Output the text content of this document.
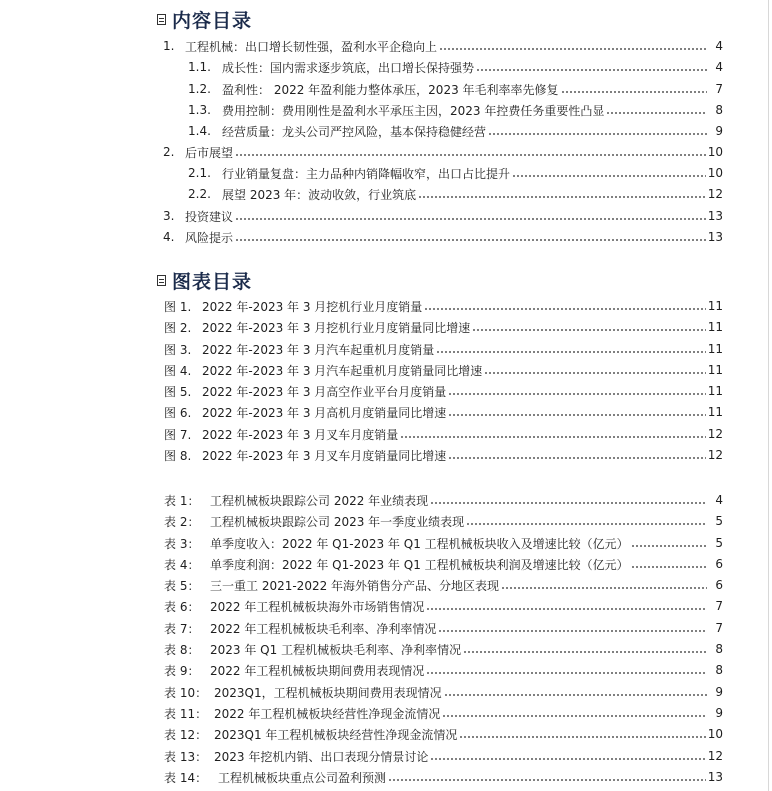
内容目录
1. 工程机械：出口增长韧性强，盈利水平企稳向上	4
1.1. 成长性：国内需求逐步筑底，出口增长保持强势	4
1.2. 盈利性： 2022 年盈利能力整体承压，2023 年毛利率率先修复	7
1.3. 费用控制：费用刚性是盈利水平承压主因，2023 年控费任务重要性凸显	8
1.4. 经营质量：龙头公司严控风险，基本保持稳健经营	9
2. 后市展望	10
2.1. 行业销量复盘：主力品种内销降幅收窄，出口占比提升	10
2.2. 展望 2023 年：波动收敛，行业筑底	12
3. 投资建议	13
4. 风险提示	13
图表目录
图 1. 2022 年-2023 年 3 月挖机行业月度销量	11
图 2. 2022 年-2023 年 3 月挖机行业月度销量同比增速	11
图 3. 2022 年-2023 年 3 月汽车起重机月度销量	11
图 4. 2022 年-2023 年 3 月汽车起重机月度销量同比增速	11
图 5. 2022 年-2023 年 3 月高空作业平台月度销量	11
图 6. 2022 年-2023 年 3 月高机月度销量同比增速	11
图 7. 2022 年-2023 年 3 月叉车月度销量	12
图 8. 2022 年-2023 年 3 月叉车月度销量同比增速	12
表 1： 工程机械板块跟踪公司 2022 年业绩表现	4
表 2： 工程机械板块跟踪公司 2023 年一季度业绩表现	5
表 3： 单季度收入：2022 年 Q1-2023 年 Q1 工程机械板块收入及增速比较（亿元）	5
表 4： 单季度利润：2022 年 Q1-2023 年 Q1 工程机械板块利润及增速比较（亿元）	6
表 5： 三一重工 2021-2022 年海外销售分产品、分地区表现	6
表 6： 2022 年工程机械板块海外市场销售情况	7
表 7： 2022 年工程机械板块毛利率、净利率情况	7
表 8： 2023 年 Q1 工程机械板块毛利率、净利率情况	8
表 9： 2022 年工程机械板块期间费用表现情况	8
表 10： 2023Q1，工程机械板块期间费用表现情况	9
表 11： 2022 年工程机械板块经营性净现金流情况	9
表 12： 2023Q1 年工程机械板块经营性净现金流情况	10
表 13： 2023 年挖机内销、出口表现分情景讨论	12
表 14： 工程机械板块重点公司盈利预测	13
